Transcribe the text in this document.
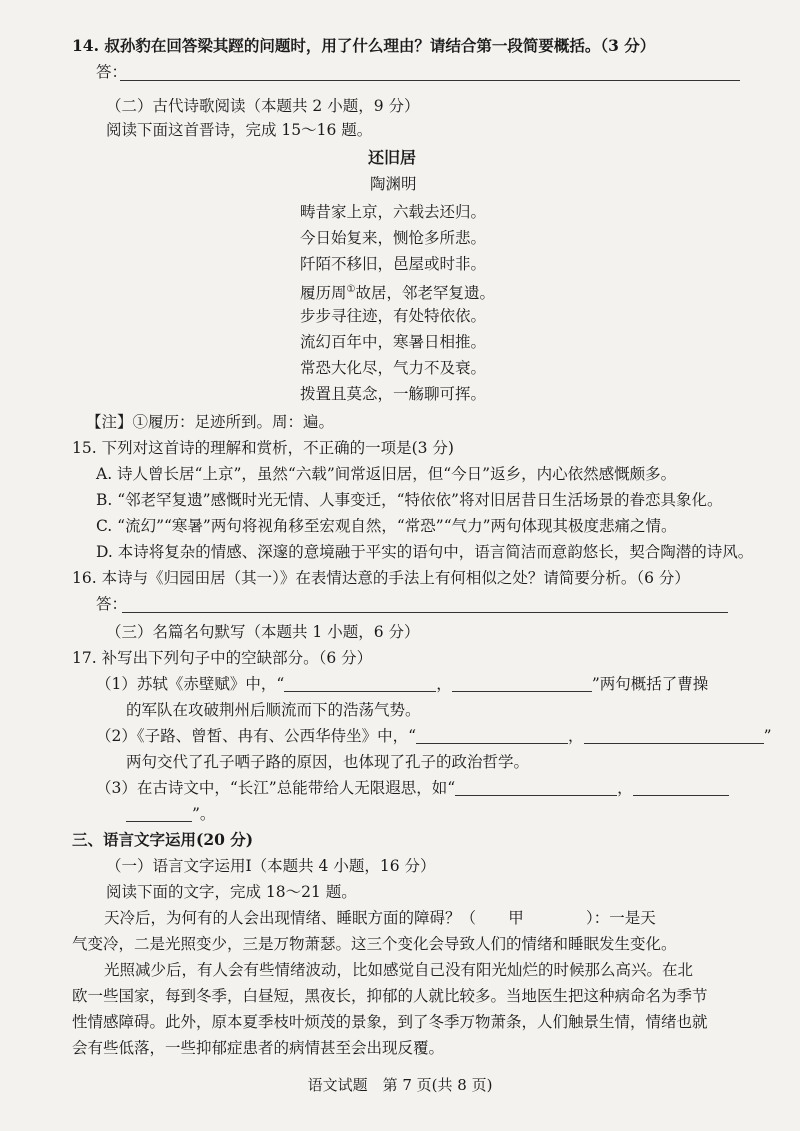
14. 叔孙豹在回答梁其踁的问题时，用了什么理由？请结合第一段简要概括。（3 分）
答：
（二）古代诗歌阅读（本题共 2 小题，9 分）
阅读下面这首晋诗，完成 15～16 题。
还旧居
陶渊明
畴昔家上京，六载去还归。
今日始复来，恻怆多所悲。
阡陌不移旧，邑屋或时非。
履历周①故居，邻老罕复遗。
步步寻往迹，有处特依依。
流幻百年中，寒暑日相推。
常恐大化尽，气力不及衰。
拨置且莫念，一觞聊可挥。
【注】①履历：足迹所到。周：遍。
15. 下列对这首诗的理解和赏析，不正确的一项是(3 分)
A. 诗人曾长居“上京”，虽然“六载”间常返旧居，但“今日”返乡，内心依然感慨颇多。
B. “邻老罕复遗”感慨时光无情、人事变迁，“特依依”将对旧居昔日生活场景的眷恋具象化。
C. “流幻”“寒暑”两句将视角移至宏观自然，“常恐”“气力”两句体现其极度悲痛之情。
D. 本诗将复杂的情感、深邃的意境融于平实的语句中，语言简洁而意韵悠长，契合陶潜的诗风。
16. 本诗与《归园田居（其一）》在表情达意的手法上有何相似之处？请简要分析。（6 分）
答：
（三）名篇名句默写（本题共 1 小题，6 分）
17. 补写出下列句子中的空缺部分。（6 分）
（1）苏轼《赤壁赋》中，“	，	”两句概括了曹操
的军队在攻破荆州后顺流而下的浩荡气势。
（2）《子路、曾皙、冉有、公西华侍坐》中，“	，	”
两句交代了孔子哂子路的原因，也体现了孔子的政治哲学。
（3）在古诗文中，“长江”总能带给人无限遐思，如“	，
”。
三、语言文字运用(20 分)
（一）语言文字运用Ⅰ（本题共 4 小题，16 分）
阅读下面的文字，完成 18～21 题。
天冷后，为何有的人会出现情绪、睡眠方面的障碍？（ 甲	）：一是天
气变冷，二是光照变少，三是万物萧瑟。这三个变化会导致人们的情绪和睡眠发生变化。
光照减少后，有人会有些情绪波动，比如感觉自己没有阳光灿烂的时候那么高兴。在北
欧一些国家，每到冬季，白昼短，黑夜长，抑郁的人就比较多。当地医生把这种病命名为季节
性情感障碍。此外，原本夏季枝叶烦茂的景象，到了冬季万物萧条，人们触景生情，情绪也就
会有些低落，一些抑郁症患者的病情甚至会出现反覆。
语文试题　第 7 页(共 8 页)
